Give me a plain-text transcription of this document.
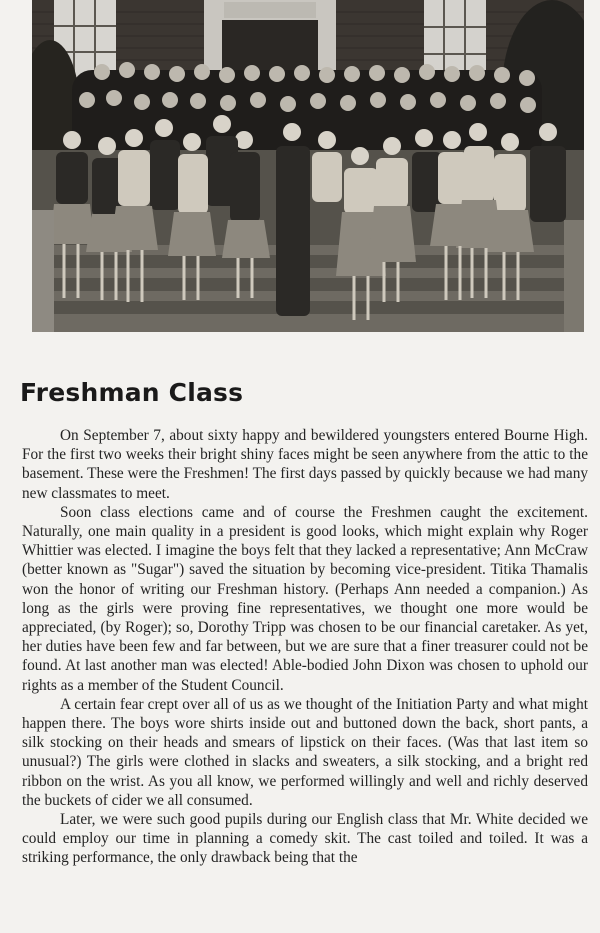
Freshman Class

On September 7, about sixty happy and bewildered youngsters entered Bourne High. For the first two weeks their bright shiny faces might be seen anywhere from the attic to the basement. These were the Freshmen! The first days passed by quickly because we had many new classmates to meet.

Soon class elections came and of course the Freshmen caught the excitement. Naturally, one main quality in a president is good looks, which might explain why Roger Whittier was elected. I imagine the boys felt that they lacked a representative; Ann McCraw (better known as "Sugar") saved the situation by becoming vice-president. Titika Thamalis won the honor of writing our Freshman history. (Perhaps Ann needed a companion.) As long as the girls were proving fine representatives, we thought one more would be appreciated, (by Roger); so, Dorothy Tripp was chosen to be our financial caretaker. As yet, her duties have been few and far between, but we are sure that a finer treasurer could not be found. At last another man was elected! Able-bodied John Dixon was chosen to uphold our rights as a member of the Student Council.

A certain fear crept over all of us as we thought of the Initiation Party and what might happen there. The boys wore shirts inside out and buttoned down the back, short pants, a silk stocking on their heads and smears of lipstick on their faces. (Was that last item so unusual?) The girls were clothed in slacks and sweaters, a silk stocking, and a bright red ribbon on the wrist. As you all know, we performed willingly and well and richly deserved the buckets of cider we all consumed.

Later, we were such good pupils during our English class that Mr. White decided we could employ our time in planning a comedy skit. The cast toiled and toiled. It was a striking performance, the only drawback being that the
